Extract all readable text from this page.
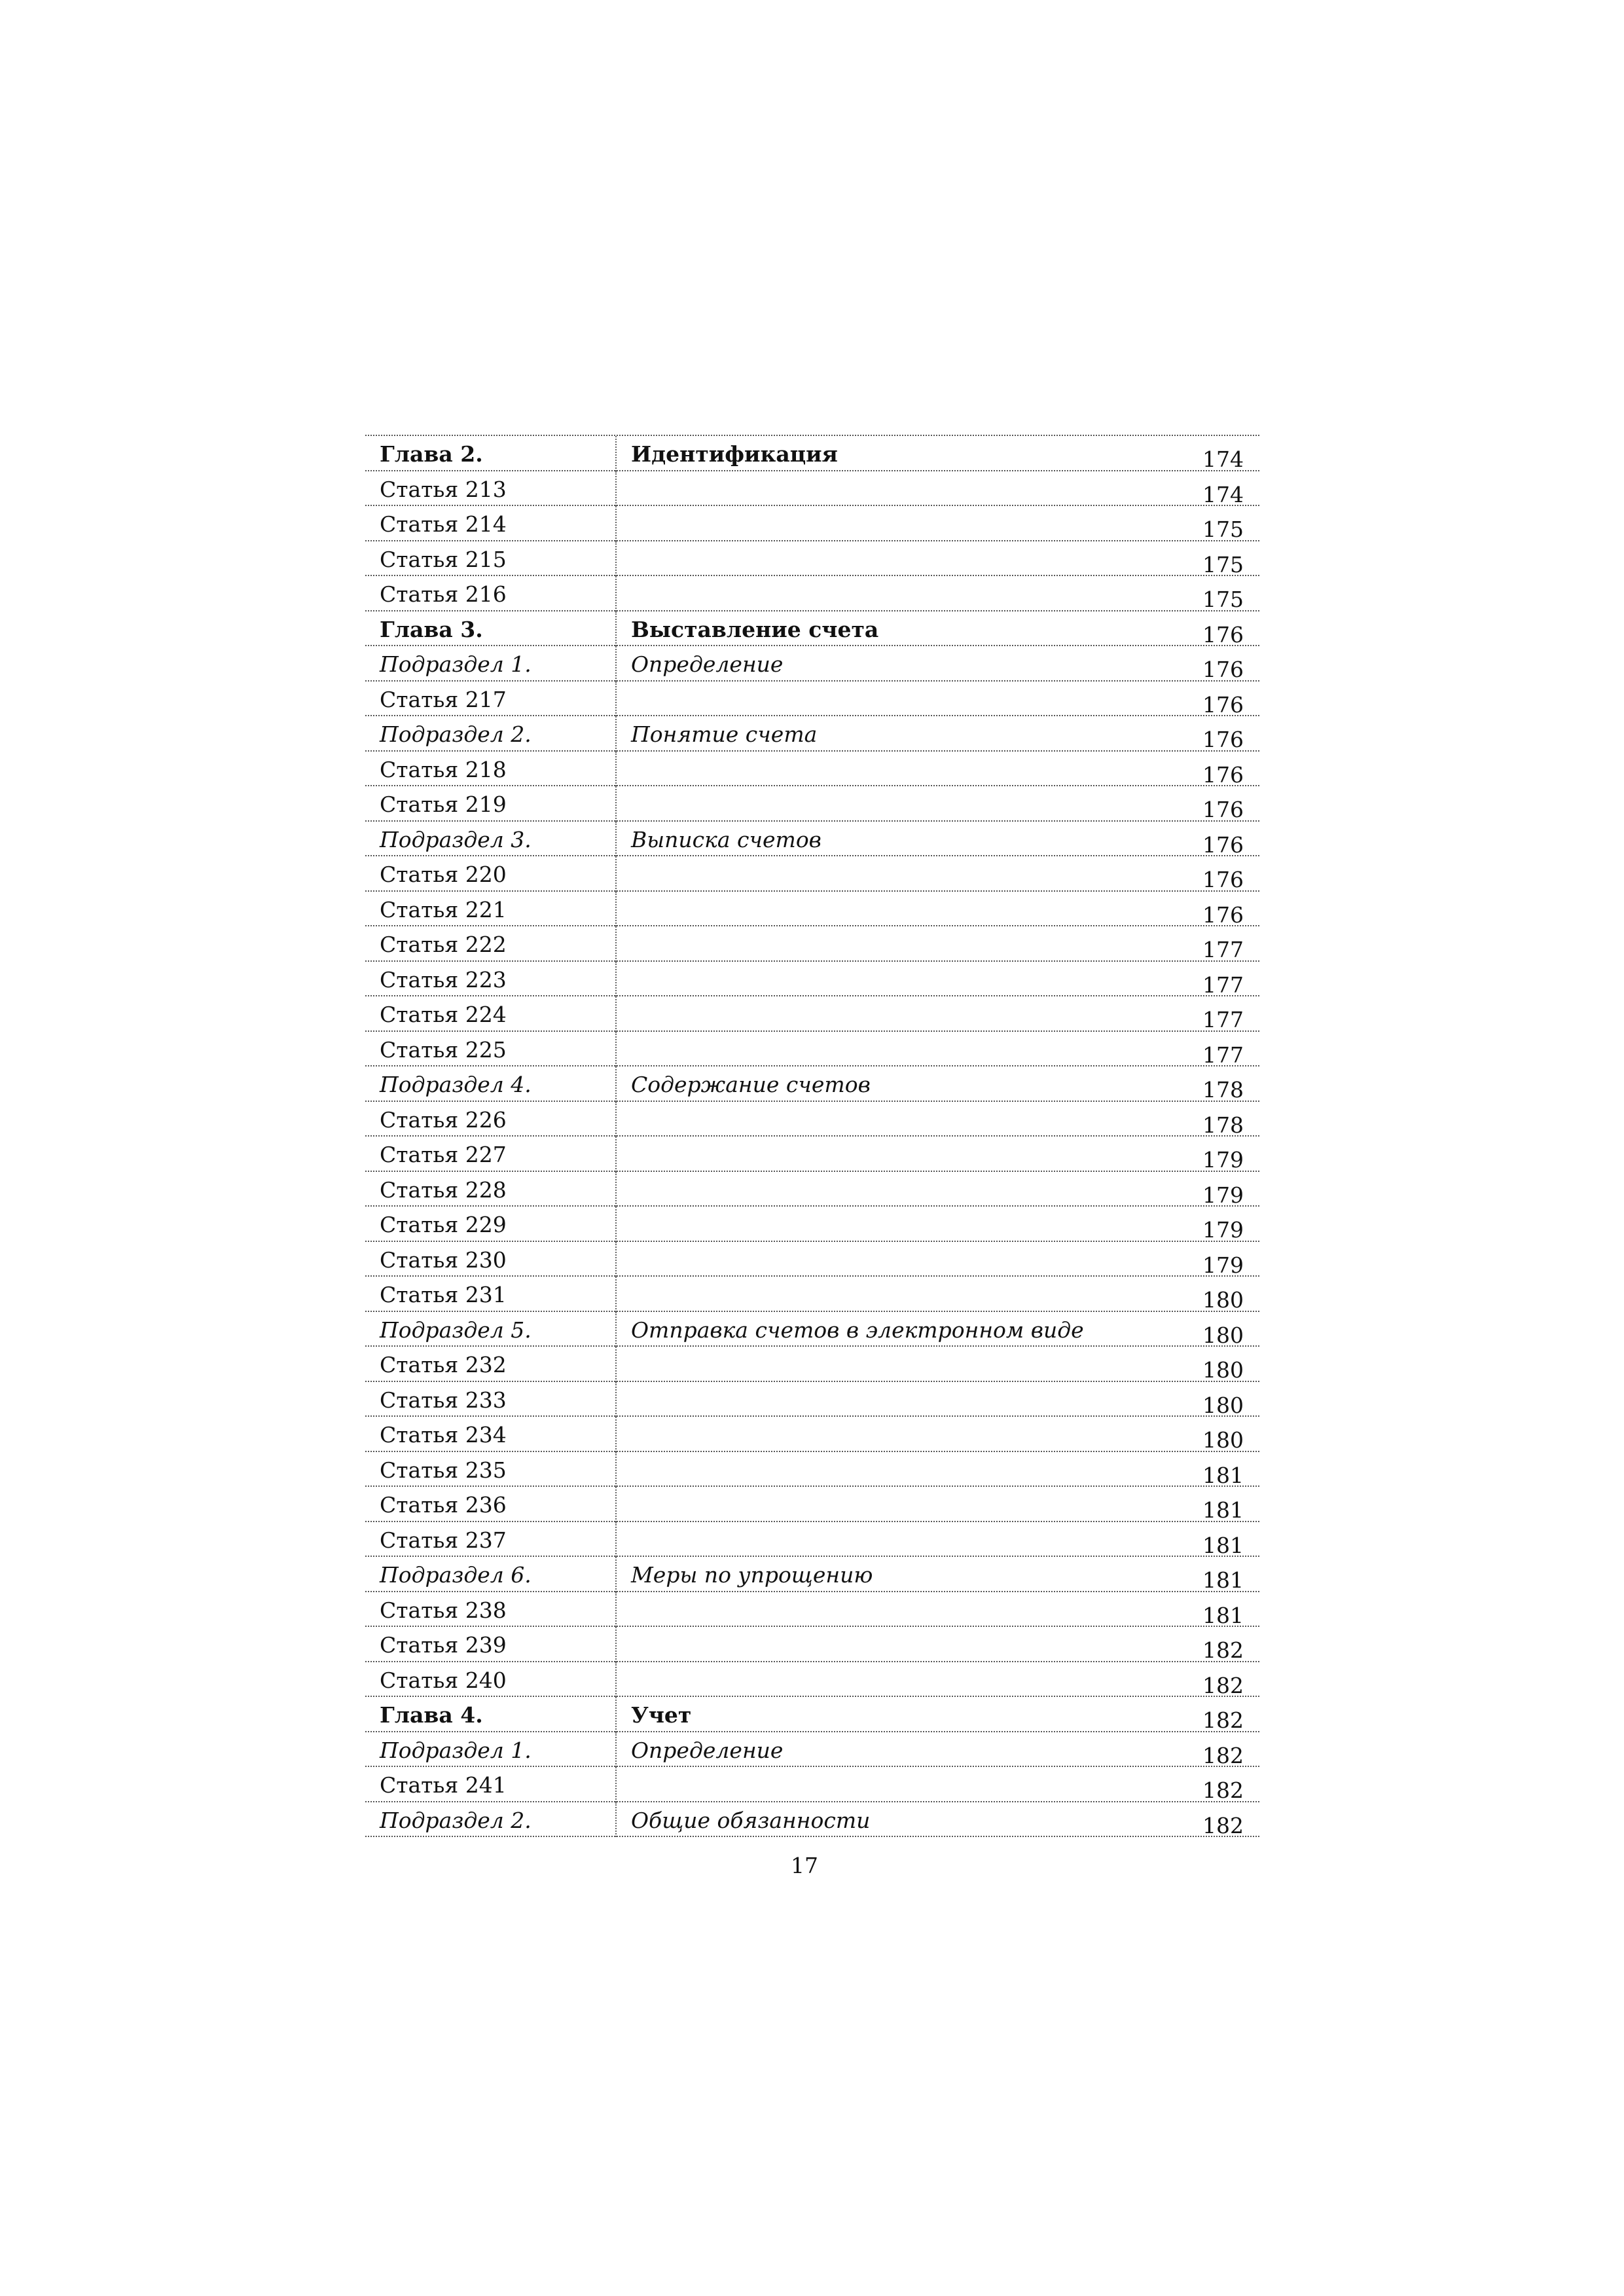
Глава 2.	Идентификация	174
Статья 213	174
Статья 214	175
Статья 215	175
Статья 216	175
Глава 3.	Выставление счета	176
Подраздел 1.	Определение	176
Статья 217	176
Подраздел 2.	Понятие счета	176
Статья 218	176
Статья 219	176
Подраздел 3.	Выписка счетов	176
Статья 220	176
Статья 221	176
Статья 222	177
Статья 223	177
Статья 224	177
Статья 225	177
Подраздел 4.	Содержание счетов	178
Статья 226	178
Статья 227	179
Статья 228	179
Статья 229	179
Статья 230	179
Статья 231	180
Подраздел 5.	Отправка счетов в электронном виде	180
Статья 232	180
Статья 233	180
Статья 234	180
Статья 235	181
Статья 236	181
Статья 237	181
Подраздел 6.	Меры по упрощению	181
Статья 238	181
Статья 239	182
Статья 240	182
Глава 4.	Учет	182
Подраздел 1.	Определение	182
Статья 241	182
Подраздел 2.	Общие обязанности	182
17
